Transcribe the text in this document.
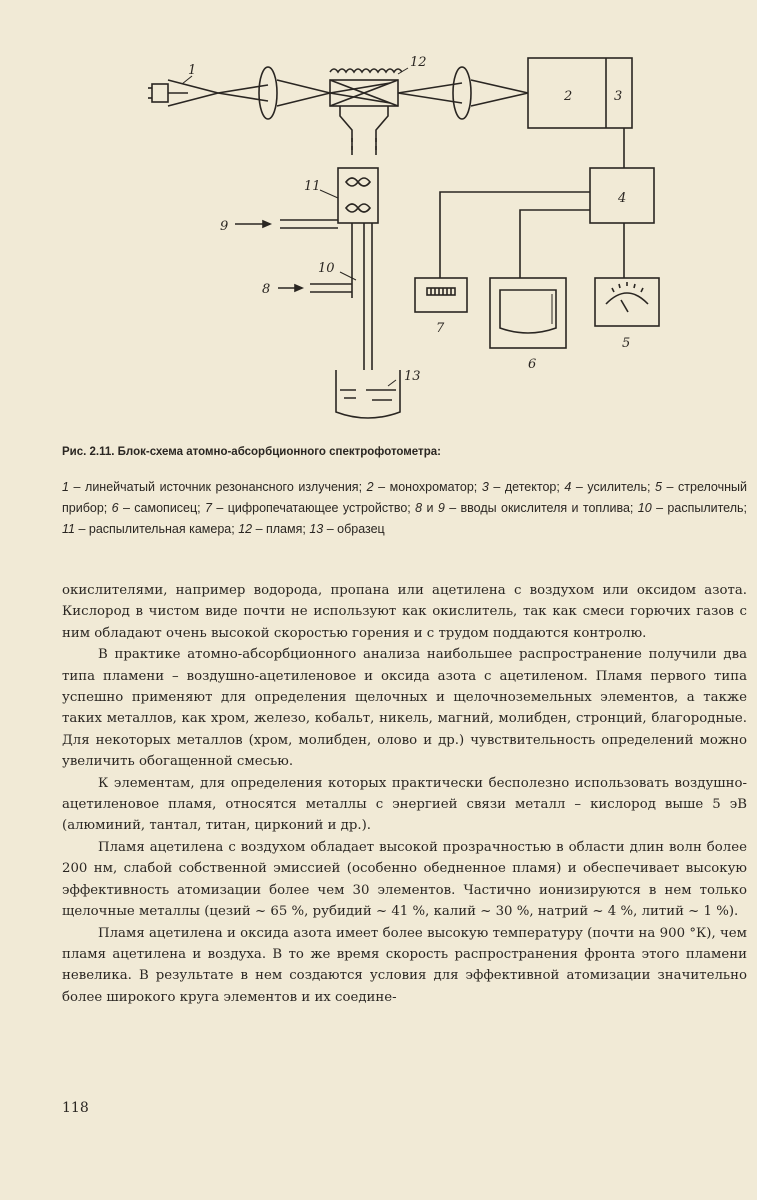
1
2	3
4
5
6
7
8
9
10
11
12
13
Рис. 2.11. Блок-схема атомно-абсорбционного спектрофотометра:
1 – линейчатый источник резонансного излучения; 2 – монохроматор; 3 – детектор; 4 – усилитель; 5 – стрелочный прибор; 6 – самописец; 7 – цифропечатающее устройство; 8 и 9 – вводы окислителя и топлива; 10 – распылитель; 11 – распылительная камера; 12 – пламя; 13 – образец

окислителями, например водорода, пропана или ацетилена с воздухом или оксидом азота. Кислород в чистом виде почти не используют как окислитель, так как смеси горючих газов с ним обладают очень высокой скоростью горения и с трудом поддаются контролю.

В практике атомно-абсорбционного анализа наибольшее распространение получили два типа пламени – воздушно-ацетиленовое и оксида азота с ацетиленом. Пламя первого типа успешно применяют для определения щелочных и щелочноземельных элементов, а также таких металлов, как хром, железо, кобальт, никель, магний, молибден, стронций, благородные. Для некоторых металлов (хром, молибден, олово и др.) чувствительность определений можно увеличить обогащенной смесью.

К элементам, для определения которых практически бесполезно использовать воздушно-ацетиленовое пламя, относятся металлы с энергией связи металл – кислород выше 5 эВ (алюминий, тантал, титан, цирконий и др.).

Пламя ацетилена с воздухом обладает высокой прозрачностью в области длин волн более 200 нм, слабой собственной эмиссией (особенно обедненное пламя) и обеспечивает высокую эффективность атомизации более чем 30 элементов. Частично ионизируются в нем только щелочные металлы (цезий ~ 65 %, рубидий ~ 41 %, калий ~ 30 %, натрий ~ 4 %, литий ~ 1 %).

Пламя ацетилена и оксида азота имеет более высокую температуру (почти на 900 °К), чем пламя ацетилена и воздуха. В то же время скорость распространения фронта этого пламени невелика. В результате в нем создаются условия для эффективной атомизации значительно более широкого круга элементов и их соедине-

118
